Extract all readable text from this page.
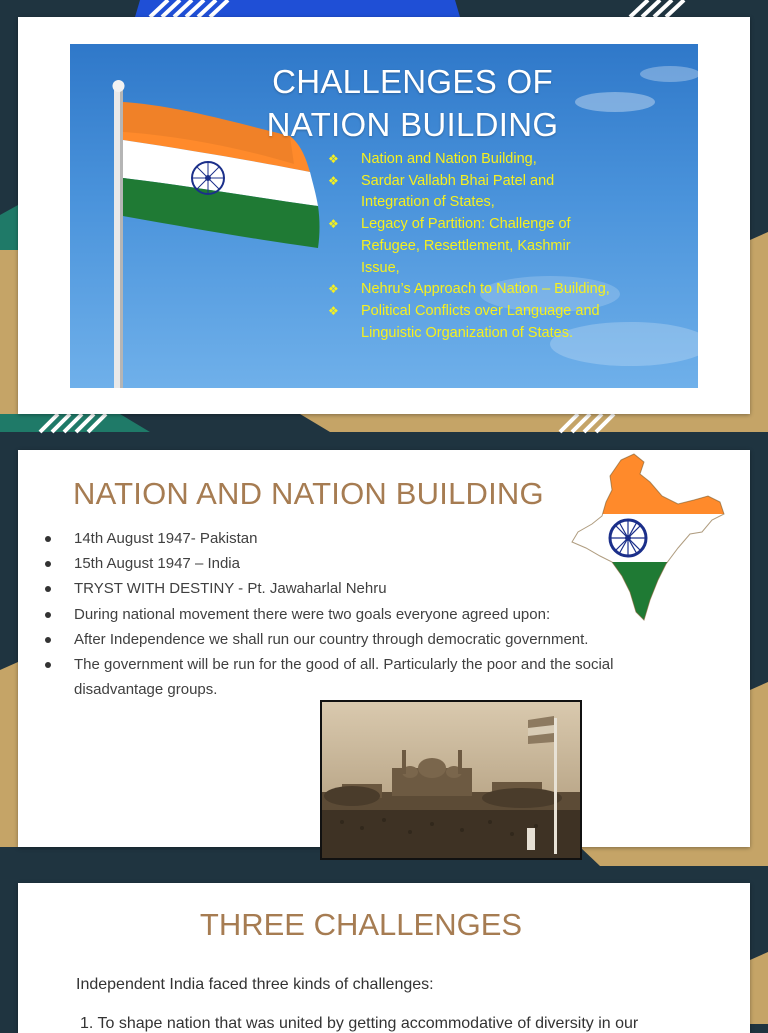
CHALLENGES OF
NATION BUILDING
❖ Nation and Nation Building,
❖ Sardar Vallabh Bhai Patel and Integration of States,
❖ Legacy of Partition: Challenge of Refugee, Resettlement, Kashmir Issue,
❖ Nehru’s Approach to Nation – Building,
❖ Political Conflicts over Language and Linguistic Organization of States.
NATION AND NATION BUILDING
14th August 1947- Pakistan
15th August 1947 – India
TRYST WITH DESTINY - Pt. Jawaharlal Nehru
During national movement there were two goals everyone agreed upon:
After Independence we shall run our country through democratic government.
The government will be run for the good of all. Particularly the poor and the social disadvantage groups.
THREE CHALLENGES

Independent India faced three kinds of challenges:

1. To shape nation that was united by getting accommodative of diversity in our
